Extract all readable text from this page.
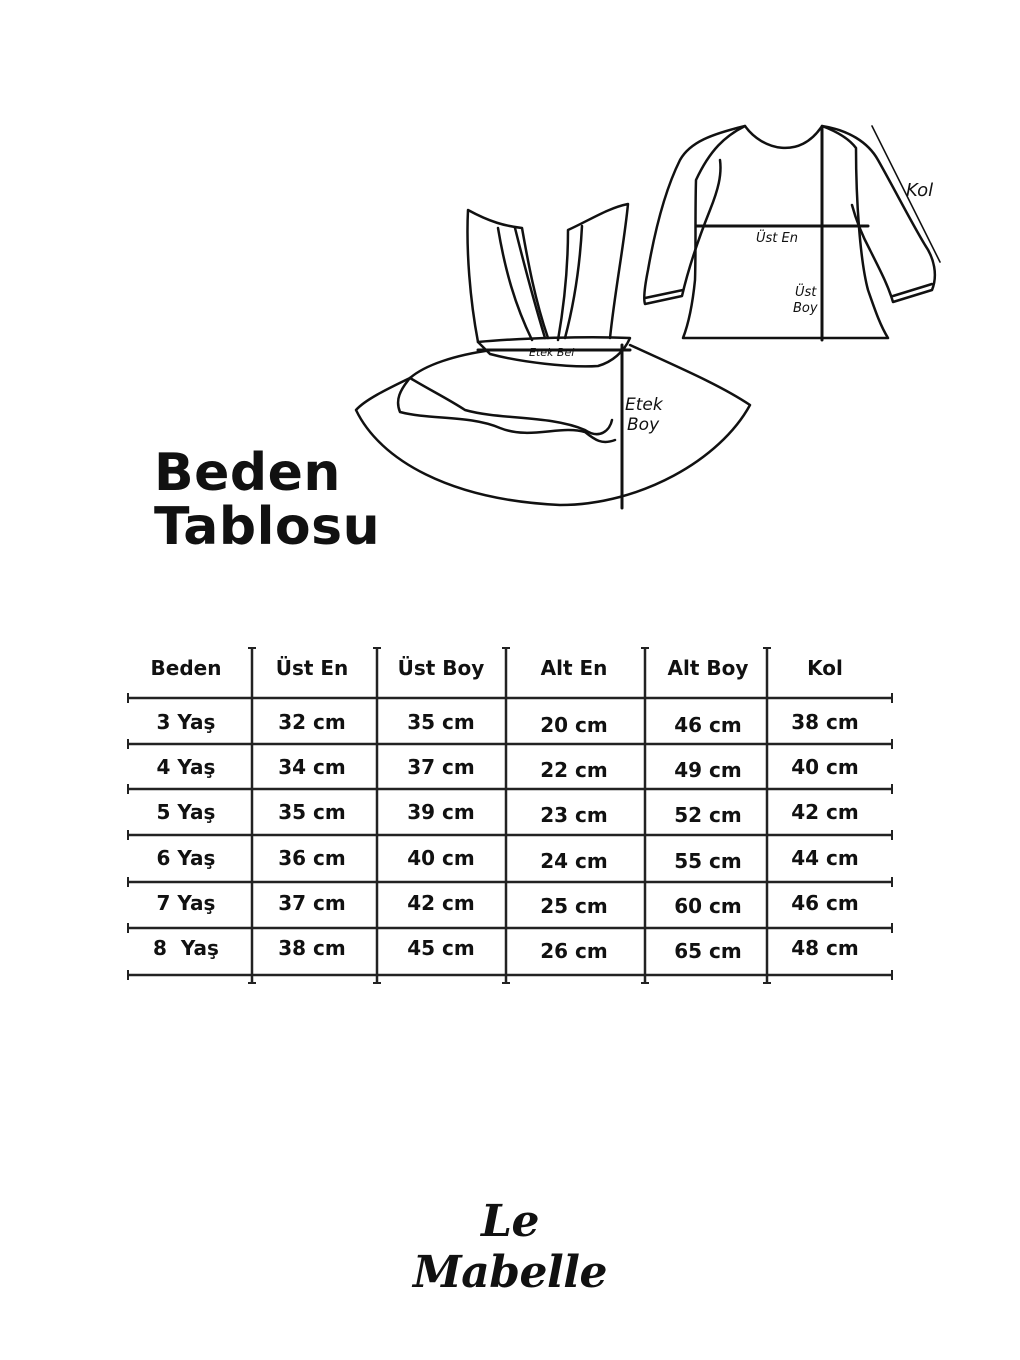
Etek Bel
Etek
Boy
Üst En
Üst
Boy
Kol
Beden
Tablosu
Beden	Üst En	Üst Boy	Alt En	Alt Boy	Kol
3 Yaş	32 cm	35 cm	20 cm	46 cm	38 cm
4 Yaş	34 cm	37 cm	22 cm	49 cm	40 cm
5 Yaş	35 cm	39 cm	23 cm	52 cm	42 cm
6 Yaş	36 cm	40 cm	24 cm	55 cm	44 cm
7 Yaş	37 cm	42 cm	25 cm	60 cm	46 cm
8  Yaş	38 cm	45 cm	26 cm	65 cm	48 cm
Le Mabelle
